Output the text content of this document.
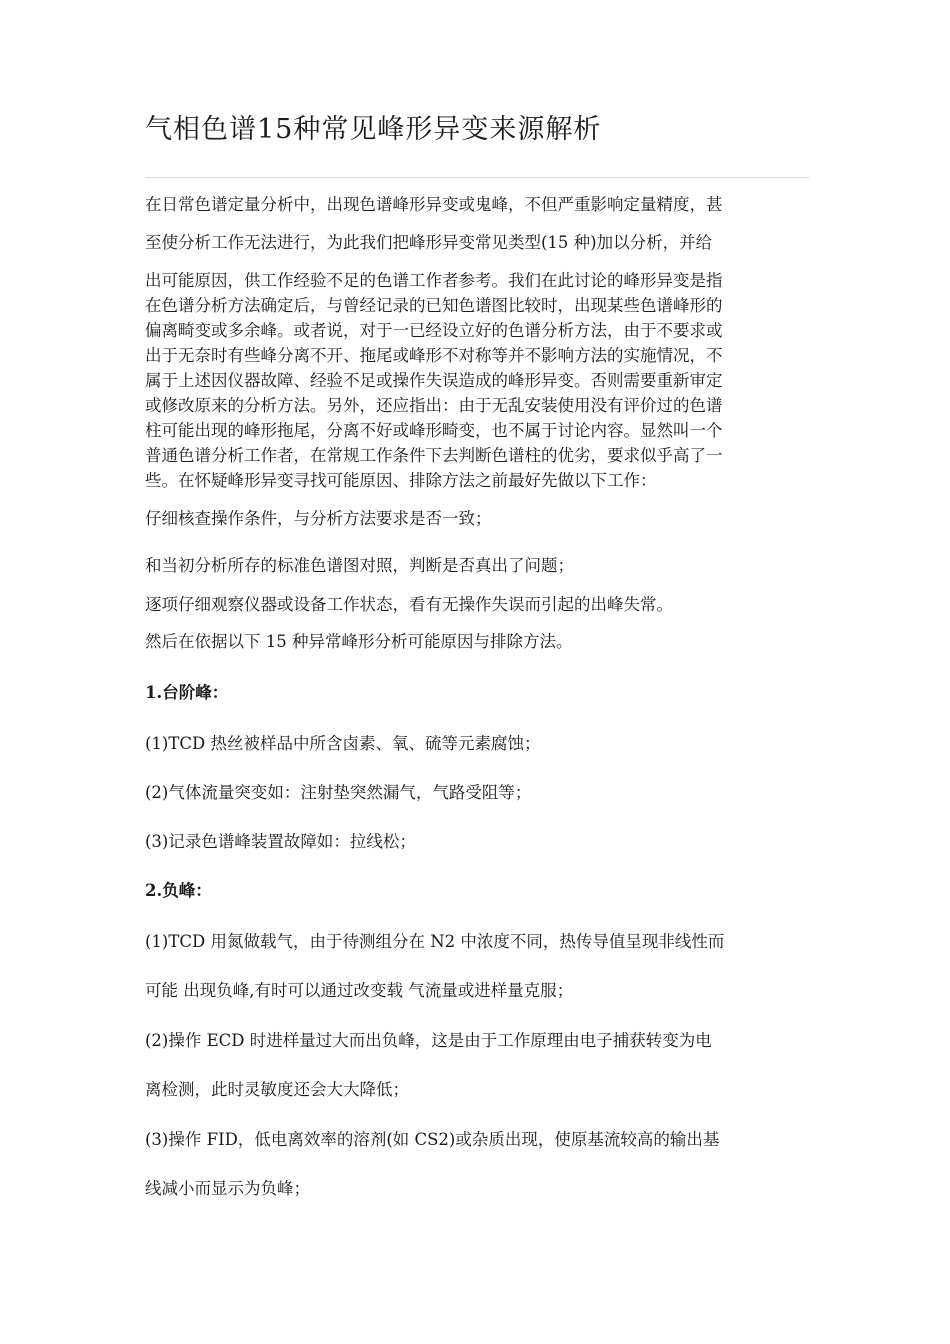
气相色谱15种常见峰形异变来源解析

在日常色谱定量分析中，出现色谱峰形异变或鬼峰，不但严重影响定量精度，甚

至使分析工作无法进行，为此我们把峰形异变常见类型(15 种)加以分析，并给

出可能原因，供工作经验不足的色谱工作者参考。我们在此讨论的峰形异变是指

在色谱分析方法确定后，与曾经记录的已知色谱图比较时，出现某些色谱峰形的

偏离畸变或多余峰。或者说，对于一已经设立好的色谱分析方法，由于不要求或

出于无奈时有些峰分离不开、拖尾或峰形不对称等并不影响方法的实施情况，不

属于上述因仪器故障、经验不足或操作失误造成的峰形异变。否则需要重新审定

或修改原来的分析方法。另外，还应指出：由于无乱安装使用没有评价过的色谱

柱可能出现的峰形拖尾，分离不好或峰形畸变，也不属于讨论内容。显然叫一个

普通色谱分析工作者，在常规工作条件下去判断色谱柱的优劣，要求似乎高了一

些。在怀疑峰形异变寻找可能原因、排除方法之前最好先做以下工作：

仔细核查操作条件，与分析方法要求是否一致；

和当初分析所存的标准色谱图对照，判断是否真出了问题；

逐项仔细观察仪器或设备工作状态，看有无操作失误而引起的出峰失常。

然后在依据以下 15 种异常峰形分析可能原因与排除方法。

1.台阶峰：

(1)TCD 热丝被样品中所含卤素、氧、硫等元素腐蚀；

(2)气体流量突变如：注射垫突然漏气，气路受阻等；

(3)记录色谱峰装置故障如：拉线松；

2.负峰：

(1)TCD 用氮做载气，由于待测组分在 N2 中浓度不同，热传导值呈现非线性而

可能 出现负峰,有时可以通过改变载 气流量或进样量克服；

(2)操作 ECD 时进样量过大而出负峰，这是由于工作原理由电子捕获转变为电

离检测，此时灵敏度还会大大降低；

(3)操作 FID，低电离效率的溶剂(如 CS2)或杂质出现，使原基流较高的输出基

线减小而显示为负峰；
